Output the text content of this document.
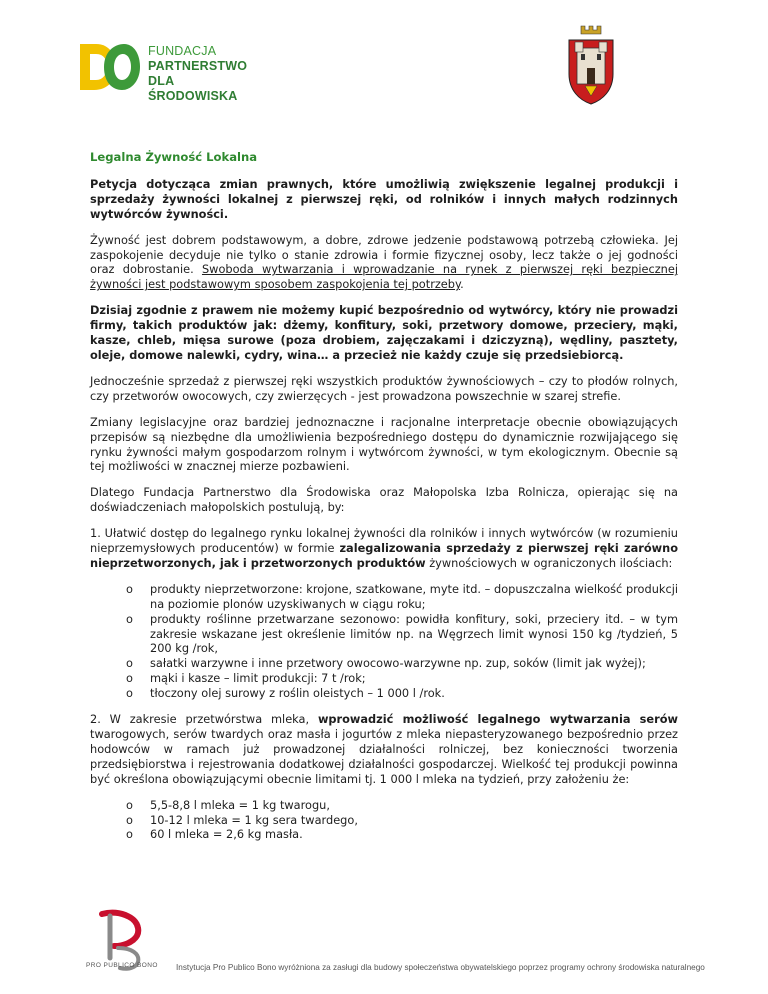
FUNDACJA
PARTNERSTWO
DLA ŚRODOWISKA

Legalna Żywność Lokalna

Petycja dotycząca zmian prawnych, które umożliwią zwiększenie legalnej produkcji i sprzedaży żywności lokalnej z pierwszej ręki, od rolników i innych małych rodzinnych wytwórców żywności.

Żywność jest dobrem podstawowym, a dobre, zdrowe jedzenie podstawową potrzebą człowieka. Jej zaspokojenie decyduje nie tylko o stanie zdrowia i formie fizycznej osoby, lecz także o jej godności oraz dobrostanie. Swoboda wytwarzania i wprowadzanie na rynek z pierwszej ręki bezpiecznej żywności jest podstawowym sposobem zaspokojenia tej potrzeby.

Dzisiaj zgodnie z prawem nie możemy kupić bezpośrednio od wytwórcy, który nie prowadzi firmy, takich produktów jak: dżemy, konfitury, soki, przetwory domowe, przeciery, mąki, kasze, chleb, mięsa surowe (poza drobiem, zajęczakami i dziczyzną), wędliny, pasztety, oleje, domowe nalewki, cydry, wina… a przecież nie każdy czuje się przedsiebiorcą.

Jednocześnie sprzedaż z pierwszej ręki wszystkich produktów żywnościowych – czy to płodów rolnych, czy przetworów owocowych, czy zwierzęcych - jest prowadzona powszechnie w szarej strefie.

Zmiany legislacyjne oraz bardziej jednoznaczne i racjonalne interpretacje obecnie obowiązujących przepisów są niezbędne dla umożliwienia bezpośredniego dostępu do dynamicznie rozwijającego się rynku żywności małym gospodarzom rolnym i wytwórcom żywności, w tym ekologicznym. Obecnie są tej możliwości w znacznej mierze pozbawieni.

Dlatego Fundacja Partnerstwo dla Środowiska oraz Małopolska Izba Rolnicza, opierając się na doświadczeniach małopolskich postulują, by:

1. Ułatwić dostęp do legalnego rynku lokalnej żywności dla rolników i innych wytwórców (w rozumieniu nieprzemysłowych producentów) w formie zalegalizowania sprzedaży z pierwszej ręki zarówno nieprzetworzonych, jak i przetworzonych produktów żywnościowych w ograniczonych ilościach:

o produkty nieprzetworzone: krojone, szatkowane, myte itd. – dopuszczalna wielkość produkcji na poziomie plonów uzyskiwanych w ciągu roku;
o produkty roślinne przetwarzane sezonowo: powidła konfitury, soki, przeciery itd. – w tym zakresie wskazane jest określenie limitów np. na Węgrzech limit wynosi 150 kg /tydzień, 5 200 kg /rok,
o sałatki warzywne i inne przetwory owocowo-warzywne np. zup, soków (limit jak wyżej);
o mąki i kasze – limit produkcji: 7 t /rok;
o tłoczony olej surowy z roślin oleistych – 1 000 l /rok.

2. W zakresie przetwórstwa mleka, wprowadzić możliwość legalnego wytwarzania serów twarogowych, serów twardych oraz masła i jogurtów z mleka niepasteryzowanego bezpośrednio przez hodowców w ramach już prowadzonej działalności rolniczej, bez konieczności tworzenia przedsiębiorstwa i rejestrowania dodatkowej działalności gospodarczej. Wielkość tej produkcji powinna być określona obowiązującymi obecnie limitami tj. 1 000 l mleka na tydzień, przy założeniu że:

o 5,5-8,8 l mleka = 1 kg twarogu,
o 10-12 l mleka = 1 kg sera twardego,
o 60 l mleka = 2,6 kg masła.
PRO PUBLICO BONO Instytucja Pro Publico Bono wyróżniona za zasługi dla budowy społeczeństwa obywatelskiego poprzez programy ochrony środowiska naturalnego
